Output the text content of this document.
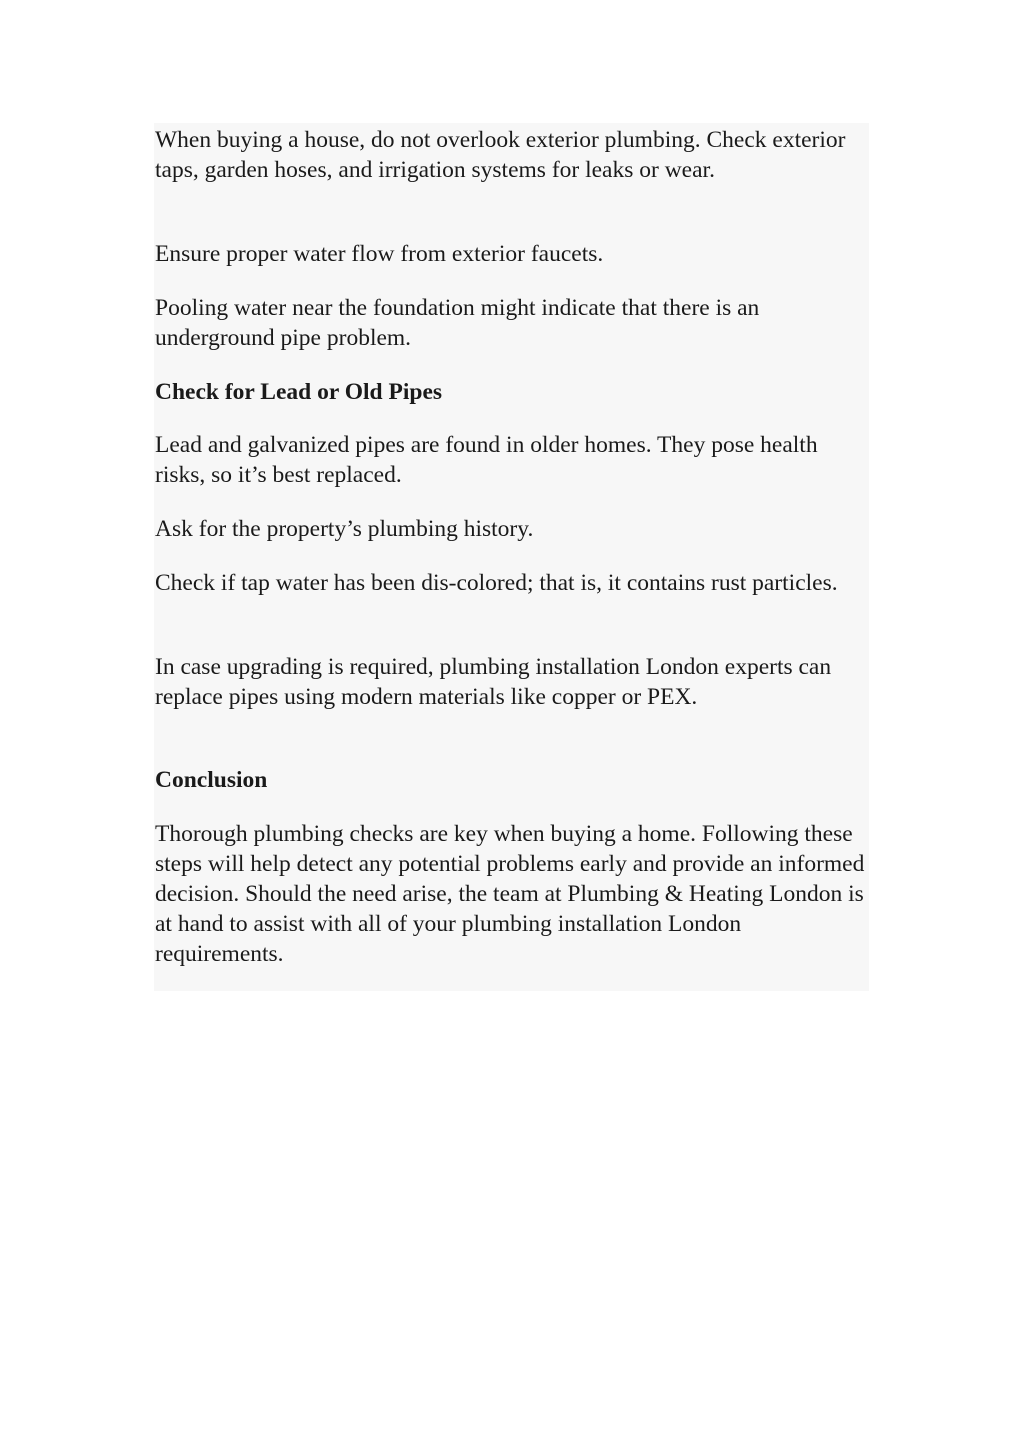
When buying a house, do not overlook exterior plumbing. Check exterior taps, garden hoses, and irrigation systems for leaks or wear.

Ensure proper water flow from exterior faucets.

Pooling water near the foundation might indicate that there is an underground pipe problem.

Check for Lead or Old Pipes

Lead and galvanized pipes are found in older homes. They pose health risks, so it’s best replaced.

Ask for the property’s plumbing history.

Check if tap water has been dis-colored; that is, it contains rust particles.

In case upgrading is required, plumbing installation London experts can replace pipes using modern materials like copper or PEX.

Conclusion

Thorough plumbing checks are key when buying a home. Following these steps will help detect any potential problems early and provide an informed decision. Should the need arise, the team at Plumbing & Heating London is at hand to assist with all of your plumbing installation London requirements.
